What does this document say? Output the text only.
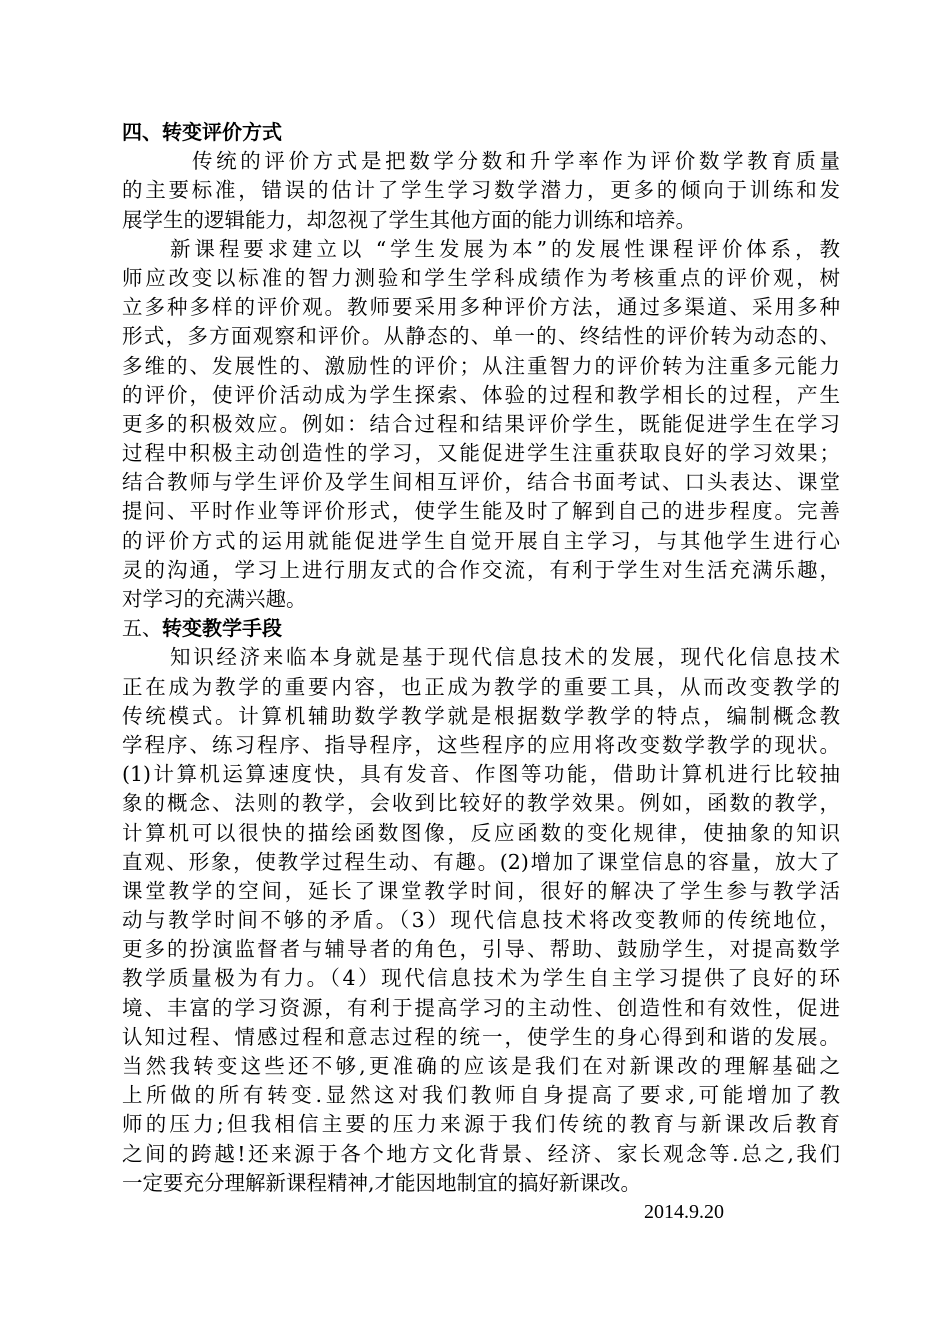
四、转变评价方式
传统的评价方式是把数学分数和升学率作为评价数学教育质量
的主要标准，错误的估计了学生学习数学潜力，更多的倾向于训练和发
展学生的逻辑能力，却忽视了学生其他方面的能力训练和培养。
新课程要求建立以 “学生发展为本”的发展性课程评价体系，教
师应改变以标准的智力测验和学生学科成绩作为考核重点的评价观，树
立多种多样的评价观。教师要采用多种评价方法，通过多渠道、采用多种
形式，多方面观察和评价。从静态的、单一的、终结性的评价转为动态的、
多维的、发展性的、激励性的评价；从注重智力的评价转为注重多元能力
的评价，使评价活动成为学生探索、体验的过程和教学相长的过程，产生
更多的积极效应。例如：结合过程和结果评价学生，既能促进学生在学习
过程中积极主动创造性的学习，又能促进学生注重获取良好的学习效果；
结合教师与学生评价及学生间相互评价，结合书面考试、口头表达、课堂
提问、平时作业等评价形式，使学生能及时了解到自己的进步程度。完善
的评价方式的运用就能促进学生自觉开展自主学习，与其他学生进行心
灵的沟通，学习上进行朋友式的合作交流，有利于学生对生活充满乐趣，
对学习的充满兴趣。
五、转变教学手段
知识经济来临本身就是基于现代信息技术的发展，现代化信息技术
正在成为教学的重要内容，也正成为教学的重要工具，从而改变教学的
传统模式。计算机辅助数学教学就是根据数学教学的特点，编制概念教
学程序、练习程序、指导程序，这些程序的应用将改变数学教学的现状。
(1)计算机运算速度快，具有发音、作图等功能，借助计算机进行比较抽
象的概念、法则的教学，会收到比较好的教学效果。例如，函数的教学，
计算机可以很快的描绘函数图像，反应函数的变化规律，使抽象的知识
直观、形象，使教学过程生动、有趣。(2)增加了课堂信息的容量，放大了
课堂教学的空间，延长了课堂教学时间，很好的解决了学生参与教学活
动与教学时间不够的矛盾。（3）现代信息技术将改变教师的传统地位，
更多的扮演监督者与辅导者的角色，引导、帮助、鼓励学生，对提高数学
教学质量极为有力。（4）现代信息技术为学生自主学习提供了良好的环
境、丰富的学习资源，有利于提高学习的主动性、创造性和有效性，促进
认知过程、情感过程和意志过程的统一，使学生的身心得到和谐的发展。
当然我转变这些还不够,更准确的应该是我们在对新课改的理解基础之
上所做的所有转变.显然这对我们教师自身提高了要求,可能增加了教
师的压力;但我相信主要的压力来源于我们传统的教育与新课改后教育
之间的跨越!还来源于各个地方文化背景、经济、家长观念等.总之,我们
一定要充分理解新课程精神,才能因地制宜的搞好新课改。
2014.9.20
